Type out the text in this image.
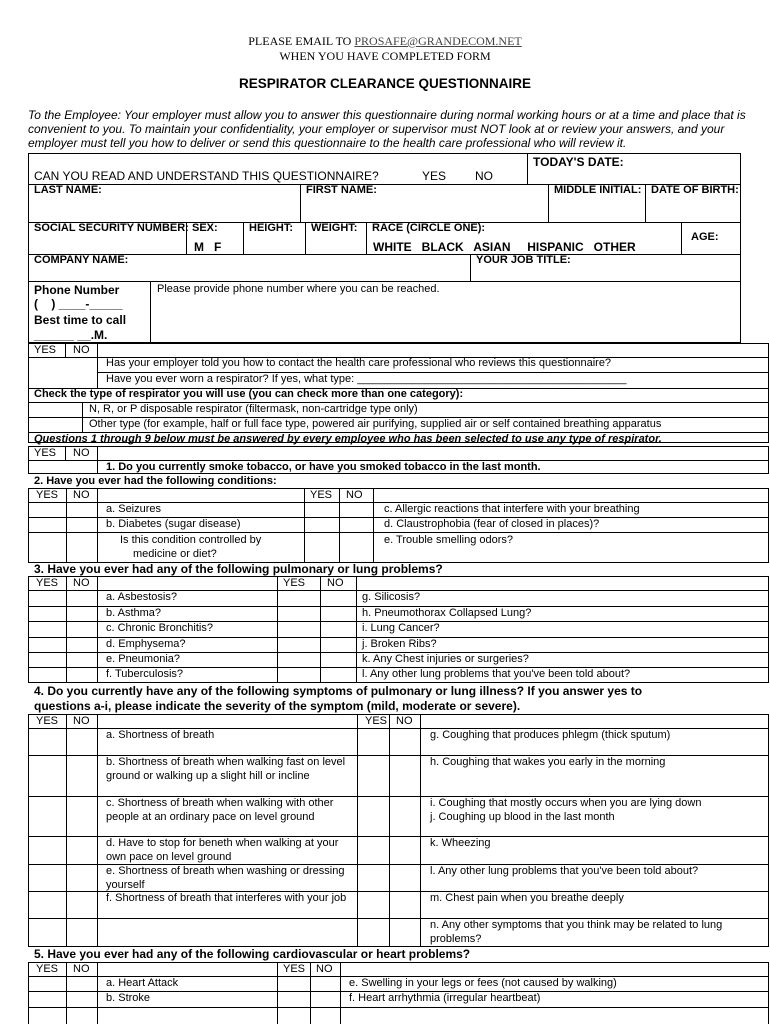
PLEASE EMAIL TO PROSAFE@GRANDECOM.NET
WHEN YOU HAVE COMPLETED FORM
RESPIRATOR CLEARANCE QUESTIONNAIRE
To the Employee: Your employer must allow you to answer this questionnaire during normal working hours or at a time and place that is convenient to you. To maintain your confidentiality, your employer or supervisor must NOT look at or review your answers, and your employer must tell you how to deliver or send this questionnaire to the health care professional who will review it.
TODAY'S DATE:
CAN YOU READ AND UNDERSTAND THIS QUESTIONNAIRE?	YES NO
LAST NAME:	FIRST NAME:	MIDDLE INITIAL: DATE OF BIRTH:
SOCIAL SECURITY NUMBER: SEX:
M   F
HEIGHT: WEIGHT: RACE (CIRCLE ONE):
WHITE   BLACK   ASIAN     HISPANIC   OTHER
AGE:
COMPANY NAME:	YOUR JOB TITLE:
Phone Number
(    ) ____-_____
Best time to call
______ __.M.
Please provide phone number where you can be reached.
YES NO
Has your employer told you how to contact the health care professional who reviews this questionnaire?
Have you ever worn a respirator? If yes, what type: ____________________________________________
Check the type of respirator you will use (you can check more than one category):
N, R, or P disposable respirator (filtermask, non-cartridge type only)
Other type (for example, half or full face type, powered air purifying, supplied air or self contained breathing apparatus
Questions 1 through 9 below must be answered by every employee who has been selected to use any type of respirator.
YES NO
1. Do you currently smoke tobacco, or have you smoked tobacco in the last month.
2. Have you ever had the following conditions:
YES NO	YES NO
a. Seizures
b. Diabetes (sugar disease)
Is this condition controlled by
medicine or diet?
c. Allergic reactions that interfere with your breathing
d. Claustrophobia (fear of closed in places)?
e. Trouble smelling odors?
3. Have you ever had any of the following pulmonary or lung problems?
YES NO	YES NO
a. Asbestosis?
b. Asthma?
c. Chronic Bronchitis?
d. Emphysema?
e. Pneumonia?
f. Tuberculosis?
g. Silicosis?
h. Pneumothorax Collapsed Lung?
i. Lung Cancer?
j. Broken Ribs?
k. Any Chest injuries or surgeries?
l. Any other lung problems that you've been told about?
4. Do you currently have any of the following symptoms of pulmonary or lung illness? If you answer yes to
questions a-i, please indicate the severity of the symptom (mild, moderate or severe).
YES NO	YES NO
a. Shortness of breath
b. Shortness of breath when walking fast on level ground or walking up a slight hill or incline
c. Shortness of breath when walking with other people at an ordinary pace on level ground
d. Have to stop for beneth when walking at your own pace on level ground
e. Shortness of breath when washing or dressing yourself
f. Shortness of breath that interferes with your job
g. Coughing that produces phlegm (thick sputum)
h. Coughing that wakes you early in the morning
i. Coughing that mostly occurs when you are lying down
j. Coughing up blood in the last month
k. Wheezing
l. Any other lung problems that you've been told about?
m. Chest pain when you breathe deeply
n. Any other symptoms that you think may be related to lung problems?
5. Have you ever had any of the following cardiovascular or heart problems?
YES NO	YES NO
a. Heart Attack
b. Stroke
e. Swelling in your legs or fees (not caused by walking)
f. Heart arrhythmia (irregular heartbeat)
